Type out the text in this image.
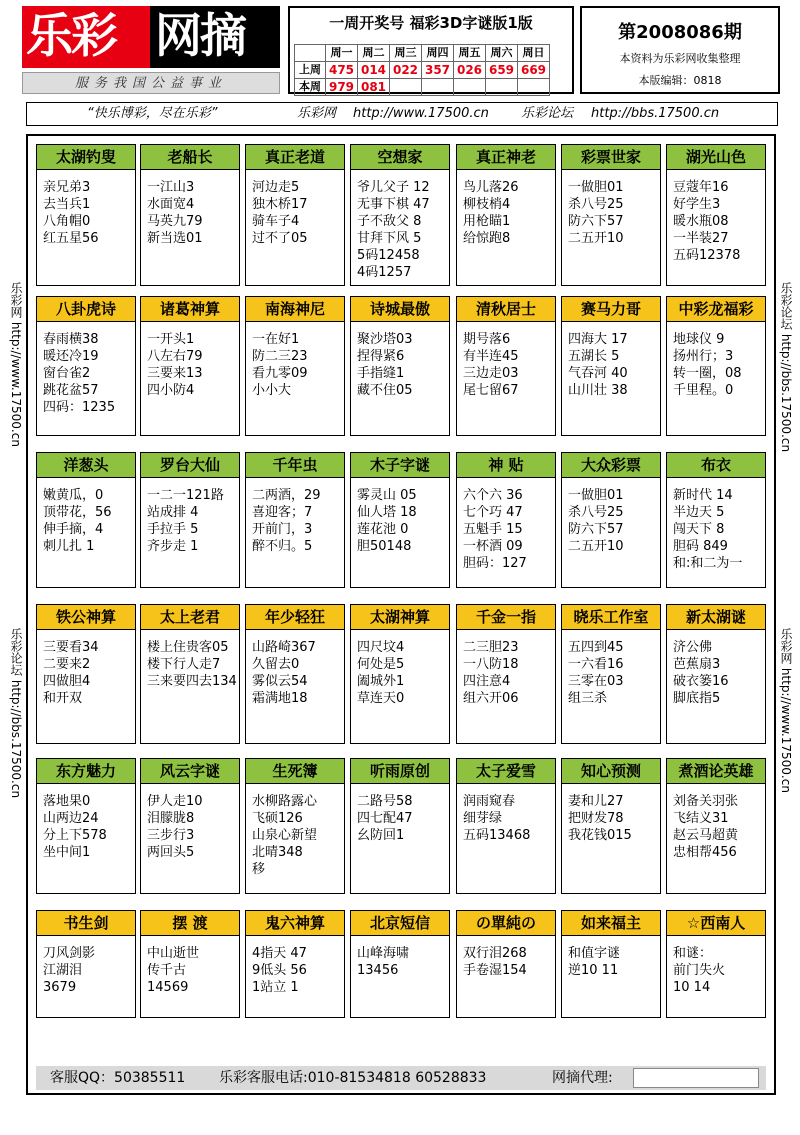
乐彩 网摘
服务我国公益事业
一周开奖号 福彩3D字谜版1版
	周一	周二	周三	周四	周五	周六	周日
上周	475	014	022	357	026	659	669
本周	979	081					
第2008086期
本资料为乐彩网收集整理
本版编辑：0818
“快乐博彩，尽在乐彩”	乐彩网 http://www.17500.cn 乐彩论坛 http://bbs.17500.cn
乐彩网 http://www.17500.cn
乐彩论坛 http://bbs.17500.cn
乐彩论坛 http://bbs.17500.cn
乐彩网 http://www.17500.cn
太湖钓叟
亲兄弟3
去当兵1
八角帽0
红五星56
老船长
一江山3
水面宽4
马英九79
新当选01
真正老道
河边走5
独木桥17
骑车子4
过不了05
空想家
爷儿父子 12
无事下棋 47
子不敌父 8
甘拜下风 5
5码12458
4码1257
真正神老
鸟儿落26
柳枝梢4
用枪瞄1
给惊跑8
彩票世家
一做胆01
杀八号25
防六下57
二五开10
湖光山色
豆蔻年16
好学生3
暖水瓶08
一半装27
五码12378
八卦虎诗
春雨横38
暖还冷19
窗台雀2
跳花盆57
四码：1235
诸葛神算
一开头1
八左右79
三要来13
四小防4
南海神尼
一在好1
防二三23
看九零09
小小大
诗城最傲
聚沙塔03
捏得紧6
手指缝1
藏不住05
清秋居士
期号落6
有半连45
三边走03
尾七留67
赛马力哥
四海大 17
五湖长 5
气吞河 40
山川壮 38
中彩龙福彩
地球仪 9
扬州行；3
转一圈，08
千里程。0
洋葱头
嫩黄瓜，0
顶带花，56
伸手摘，4
刺儿扎 1
罗台大仙
一二一121路
站成排 4
手拉手 5
齐步走 1
千年虫
二两酒，29
喜迎客；7
开前门，3
醉不归。5
木子字谜
雾灵山 05
仙人塔 18
莲花池 0
胆50148
神 贴
六个六 36
七个巧 47
五魁手 15
一杯酒 09
胆码：127
大众彩票
一做胆01
杀八号25
防六下57
二五开10
布衣
新时代 14
半边天 5
闯天下 8
胆码 849
和:和二为一
铁公神算
三要看34
二要来2
四做胆4
和开双
太上老君
楼上住贵客05
楼下行人走7
三来要四去134
年少轻狂
山路崎367
久留去0
雾似云54
霜满地18
太湖神算
四尺坟4
何处是5
阖城外1
草连天0
千金一指
二三胆23
一八防18
四注意4
组六开06
晓乐工作室
五四到45
一六看16
三零在03
组三杀
新太湖谜
济公佛
芭蕉扇3
破衣篓16
脚底指5
东方魅力
落地果0
山两边24
分上下578
坐中间1
风云字谜
伊人走10
泪朦胧8
三步行3
两回头5
生死簿
水柳路露心
飞硕126
山泉心新望
北晴348
移
听雨原创
二路号58
四七配47
幺防回1
太子爱雪
润雨窥春
细芽绿
五码13468
知心预测
妻和儿27
把财发78
我花钱015
煮酒论英雄
刘备关羽张
飞结义31
赵云马超黄
忠相帮456
书生剑
刀风剑影
江湖泪
3679
摆 渡
中山逝世
传千古
14569
鬼六神算
4指天 47
9低头 56
1站立 1
北京短信
山峰海啸
13456
の單純の
双行泪268
手卷湿154
如来福主
和值字谜
逆10 11
☆西南人
和谜：
前门失火
10 14
客服QQ：50385511 乐彩客服电话:010-81534818 60528833	网摘代理:
